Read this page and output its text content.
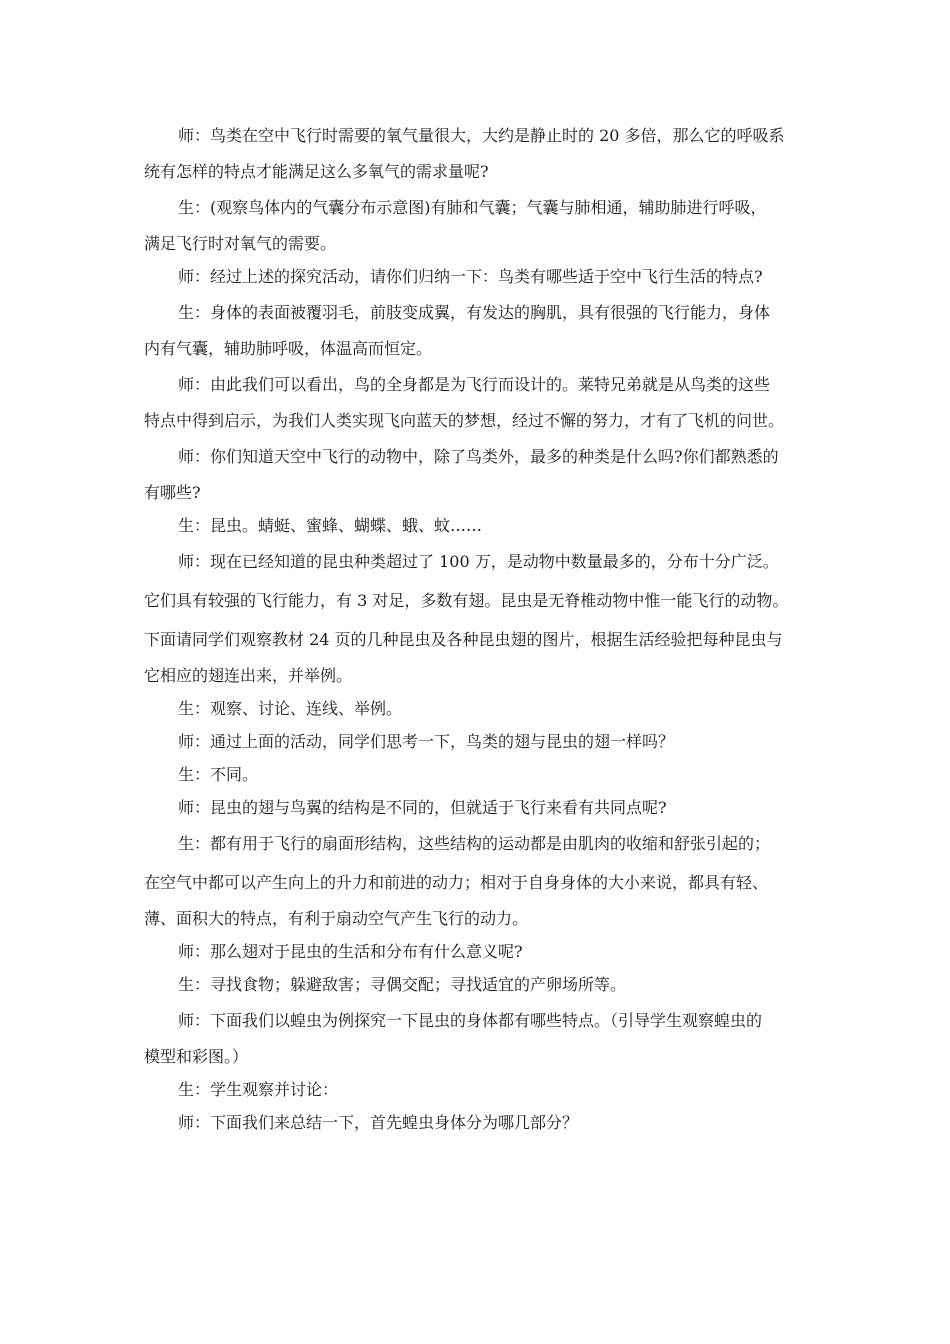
师：鸟类在空中飞行时需要的氧气量很大，大约是静止时的 20 多倍，那么它的呼吸系
统有怎样的特点才能满足这么多氧气的需求量呢?
生：(观察鸟体内的气囊分布示意图)有肺和气囊；气囊与肺相通，辅助肺进行呼吸，
满足飞行时对氧气的需要。
师：经过上述的探究活动，请你们归纳一下：鸟类有哪些适于空中飞行生活的特点?
生：身体的表面被覆羽毛，前肢变成翼，有发达的胸肌，具有很强的飞行能力，身体
内有气囊，辅助肺呼吸，体温高而恒定。
师：由此我们可以看出，鸟的全身都是为飞行而设计的。莱特兄弟就是从鸟类的这些
特点中得到启示，为我们人类实现飞向蓝天的梦想，经过不懈的努力，才有了飞机的问世。
师：你们知道天空中飞行的动物中，除了鸟类外，最多的种类是什么吗?你们都熟悉的
有哪些?
生：昆虫。蜻蜓、蜜蜂、蝴蝶、蛾、蚊……
师：现在已经知道的昆虫种类超过了 100 万，是动物中数量最多的，分布十分广泛。
它们具有较强的飞行能力，有 3 对足，多数有翅。昆虫是无脊椎动物中惟一能飞行的动物。
下面请同学们观察教材 24 页的几种昆虫及各种昆虫翅的图片，根据生活经验把每种昆虫与
它相应的翅连出来，并举例。
生：观察、讨论、连线、举例。
师：通过上面的活动，同学们思考一下，鸟类的翅与昆虫的翅一样吗？
生：不同。
师：昆虫的翅与鸟翼的结构是不同的，但就适于飞行来看有共同点呢?
生：都有用于飞行的扇面形结构，这些结构的运动都是由肌肉的收缩和舒张引起的；
在空气中都可以产生向上的升力和前进的动力；相对于自身身体的大小来说，都具有轻、
薄、面积大的特点，有利于扇动空气产生飞行的动力。
师：那么翅对于昆虫的生活和分布有什么意义呢?
生：寻找食物；躲避敌害；寻偶交配；寻找适宜的产卵场所等。
师：下面我们以蝗虫为例探究一下昆虫的身体都有哪些特点。（引导学生观察蝗虫的
模型和彩图。）
生：学生观察并讨论：
师：下面我们来总结一下，首先蝗虫身体分为哪几部分？
